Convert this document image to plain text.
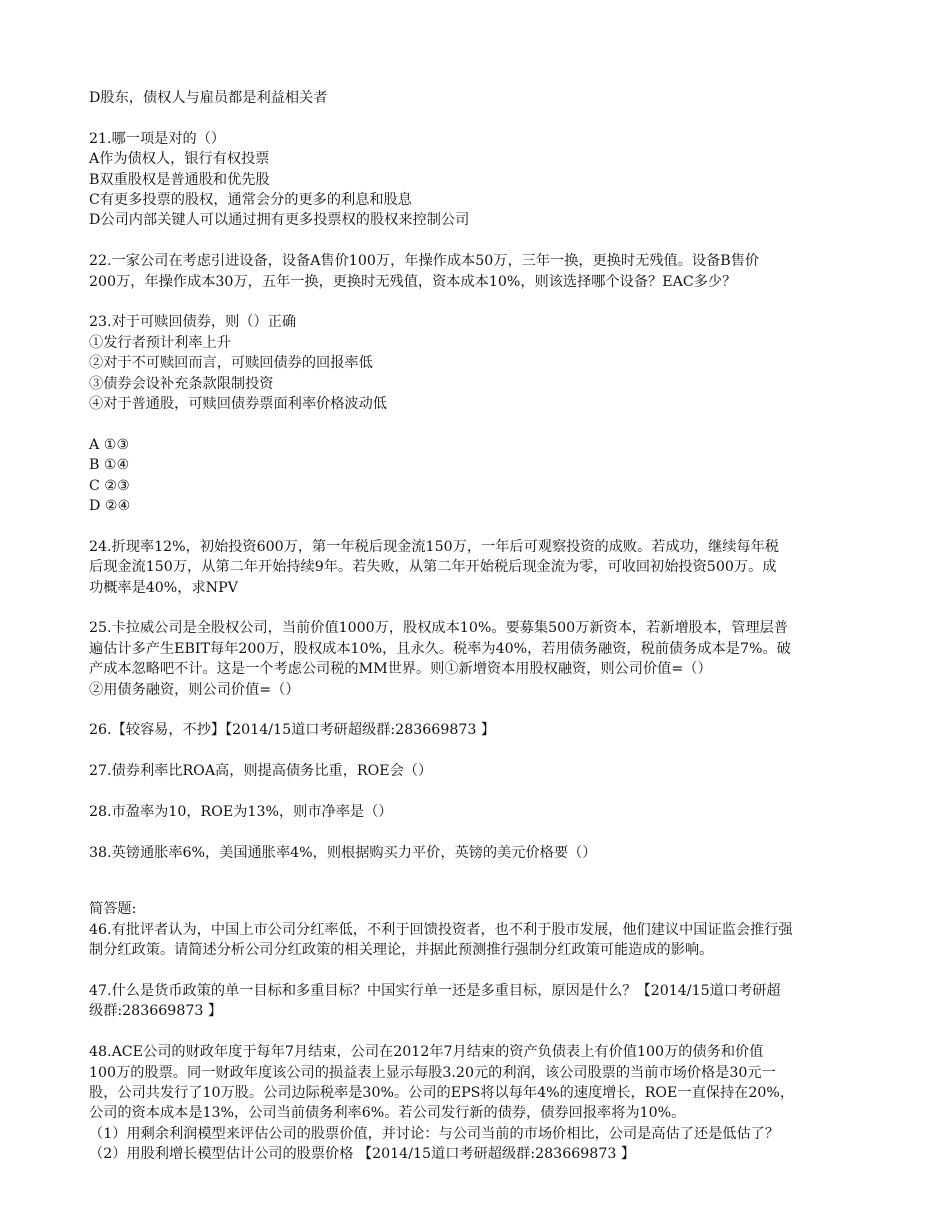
D股东，债权人与雇员都是利益相关者
21.哪一项是对的（）
A作为债权人，银行有权投票
B双重股权是普通股和优先股
C有更多投票的股权，通常会分的更多的利息和股息
D公司内部关键人可以通过拥有更多投票权的股权来控制公司
22.一家公司在考虑引进设备，设备A售价100万，年操作成本50万，三年一换，更换时无残值。设备B售价
200万，年操作成本30万，五年一换，更换时无残值，资本成本10%，则该选择哪个设备？EAC多少？
23.对于可赎回债券，则（）正确
①发行者预计利率上升
②对于不可赎回而言，可赎回债券的回报率低
③债券会设补充条款限制投资
④对于普通股，可赎回债券票面利率价格波动低
A ①③
B ①④
C ②③
D ②④
24.折现率12%，初始投资600万，第一年税后现金流150万，一年后可观察投资的成败。若成功，继续每年税
后现金流150万，从第二年开始持续9年。若失败，从第二年开始税后现金流为零，可收回初始投资500万。成
功概率是40%，求NPV
25.卡拉威公司是全股权公司，当前价值1000万，股权成本10%。要募集500万新资本，若新增股本，管理层普
遍估计多产生EBIT每年200万，股权成本10%，且永久。税率为40%，若用债务融资，税前债务成本是7%。破
产成本忽略吧不计。这是一个考虑公司税的MM世界。则①新增资本用股权融资，则公司价值=（）
②用债务融资，则公司价值=（）
26.【较容易，不抄】【2014/15道口考研超级群:283669873 】
27.债券利率比ROA高，则提高债务比重，ROE会（）
28.市盈率为10，ROE为13%，则市净率是（）
38.英镑通胀率6%，美国通胀率4%，则根据购买力平价，英镑的美元价格要（）
简答题:
46.有批评者认为，中国上市公司分红率低，不利于回馈投资者，也不利于股市发展，他们建议中国证监会推行强
制分红政策。请简述分析公司分红政策的相关理论，并据此预测推行强制分红政策可能造成的影响。
47.什么是货币政策的单一目标和多重目标？中国实行单一还是多重目标，原因是什么？【2014/15道口考研超
级群:283669873 】
48.ACE公司的财政年度于每年7月结束，公司在2012年7月结束的资产负债表上有价值100万的债务和价值
100万的股票。同一财政年度该公司的损益表上显示每股3.20元的利润，该公司股票的当前市场价格是30元一
股，公司共发行了10万股。公司边际税率是30%。公司的EPS将以每年4%的速度增长，ROE一直保持在20%，
公司的资本成本是13%，公司当前债务利率6%。若公司发行新的债券，债券回报率将为10%。
（1）用剩余利润模型来评估公司的股票价值，并讨论：与公司当前的市场价相比，公司是高估了还是低估了？
（2）用股利增长模型估计公司的股票价格 【2014/15道口考研超级群:283669873 】
